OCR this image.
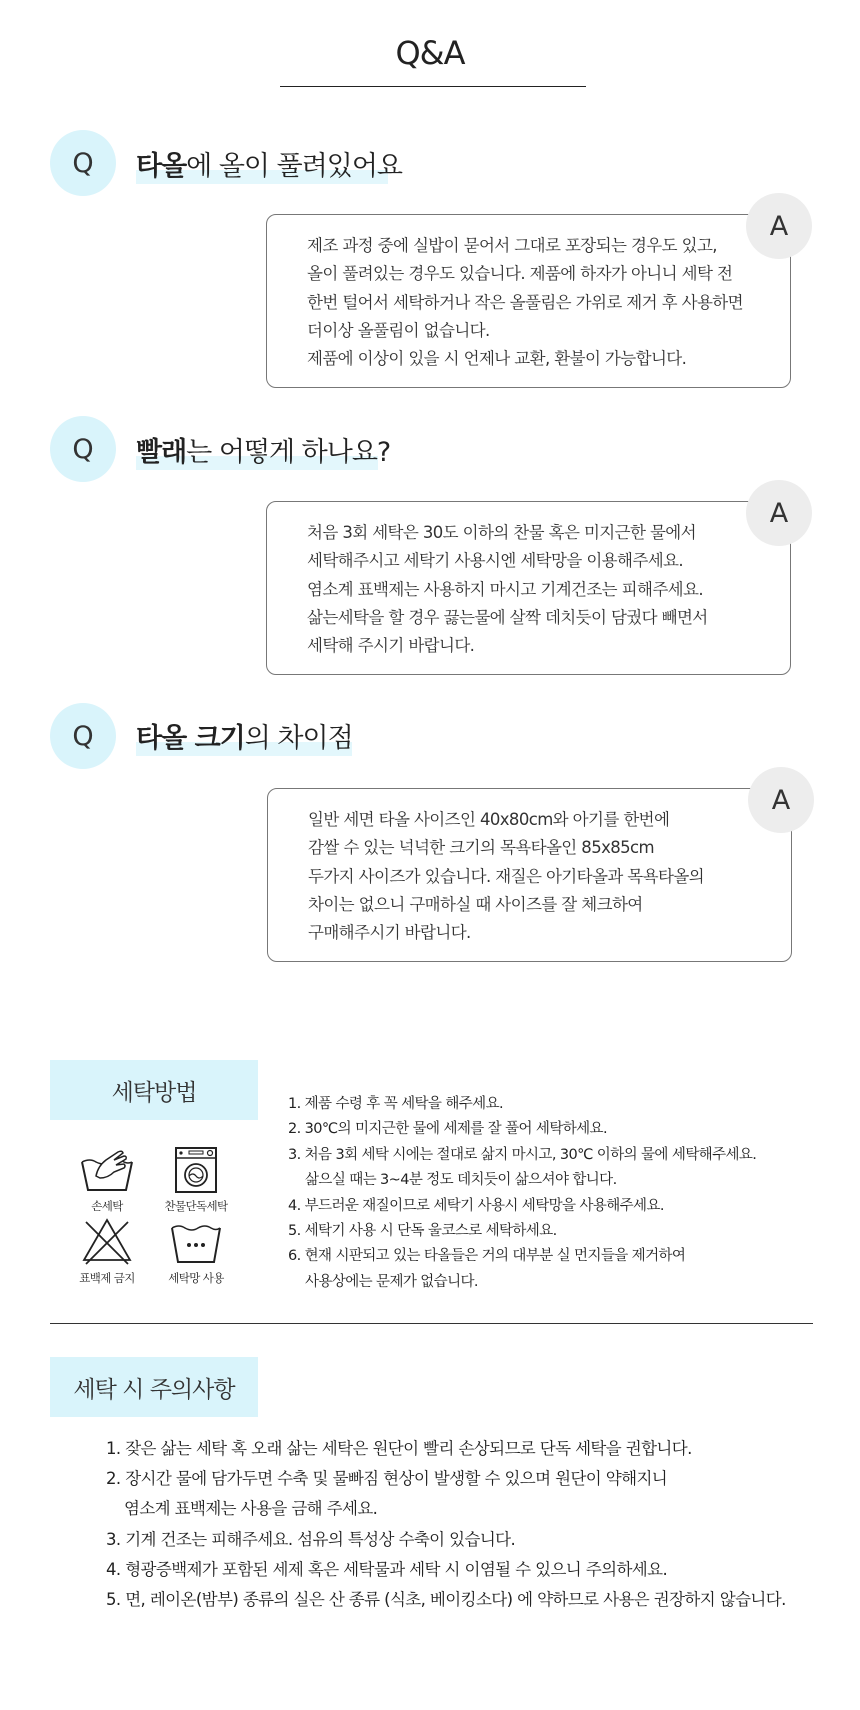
Q&A
Q	타올에 올이 풀려있어요
제조 과정 중에 실밥이 묻어서 그대로 포장되는 경우도 있고,
올이 풀려있는 경우도 있습니다. 제품에 하자가 아니니 세탁 전
한번 털어서 세탁하거나 작은 올풀림은 가위로 제거 후 사용하면
더이상 올풀림이 없습니다.
제품에 이상이 있을 시 언제나 교환, 환불이 가능합니다.
A
Q	빨래는 어떻게 하나요?
처음 3회 세탁은 30도 이하의 찬물 혹은 미지근한 물에서
세탁해주시고 세탁기 사용시엔 세탁망을 이용해주세요.
염소계 표백제는 사용하지 마시고 기계건조는 피해주세요.
삶는세탁을 할 경우 끓는물에 살짝 데치듯이 담궜다 빼면서
세탁해 주시기 바랍니다.
A
Q	타올 크기의 차이점
일반 세면 타올 사이즈인 40x80cm와 아기를 한번에
감쌀 수 있는 넉넉한 크기의 목욕타올인 85x85cm
두가지 사이즈가 있습니다. 재질은 아기타올과 목욕타올의
차이는 없으니 구매하실 때 사이즈를 잘 체크하여
구매해주시기 바랍니다.
A
세탁방법
손세탁	찬물단독세탁
표백제 금지	세탁망 사용
1. 제품 수령 후 꼭 세탁을 해주세요.
2. 30℃의 미지근한 물에 세제를 잘 풀어 세탁하세요.
3. 처음 3회 세탁 시에는 절대로 삶지 마시고, 30℃ 이하의 물에 세탁해주세요.
삶으실 때는 3~4분 정도 데치듯이 삶으셔야 합니다.
4. 부드러운 재질이므로 세탁기 사용시 세탁망을 사용해주세요.
5. 세탁기 사용 시 단독 울코스로 세탁하세요.
6. 현재 시판되고 있는 타올들은 거의 대부분 실 먼지들을 제거하여
사용상에는 문제가 없습니다.
세탁 시 주의사항
1. 잦은 삶는 세탁 혹 오래 삶는 세탁은 원단이 빨리 손상되므로 단독 세탁을 권합니다.
2. 장시간 물에 담가두면 수축 및 물빠짐 현상이 발생할 수 있으며 원단이 약해지니
염소계 표백제는 사용을 금해 주세요.
3. 기계 건조는 피해주세요. 섬유의 특성상 수축이 있습니다.
4. 형광증백제가 포함된 세제 혹은 세탁물과 세탁 시 이염될 수 있으니 주의하세요.
5. 면, 레이온(밤부) 종류의 실은 산 종류 (식초, 베이킹소다) 에 약하므로 사용은 권장하지 않습니다.
